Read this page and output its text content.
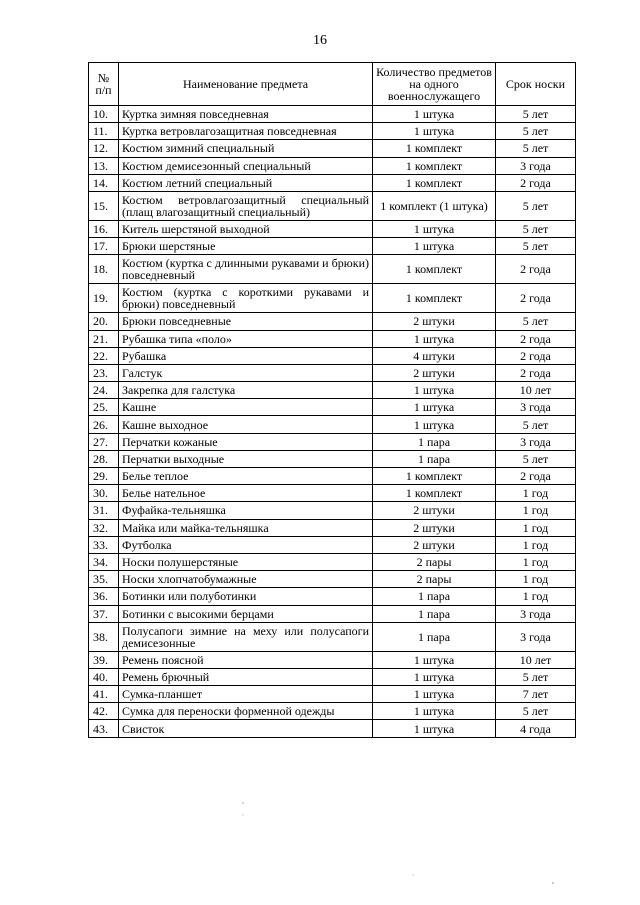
16
№ п/п	Наименование предмета	Количество предметов на одного военнослужащего	Срок носки
10.	Куртка зимняя повседневная	1 штука	5 лет
11.	Куртка ветровлагозащитная повседневная	1 штука	5 лет
12.	Костюм зимний специальный	1 комплект	5 лет
13.	Костюм демисезонный специальный	1 комплект	3 года
14.	Костюм летний специальный	1 комплект	2 года
15.	Костюм ветровлагозащитный специальный (плащ влагозащитный специальный)	1 комплект (1 штука)	5 лет
16.	Китель шерстяной выходной	1 штука	5 лет
17.	Брюки шерстяные	1 штука	5 лет
18.	Костюм (куртка с длинными рукавами и брюки) повседневный	1 комплект	2 года
19.	Костюм (куртка с короткими рукавами и брюки) повседневный	1 комплект	2 года
20.	Брюки повседневные	2 штуки	5 лет
21.	Рубашка типа «поло»	1 штука	2 года
22.	Рубашка	4 штуки	2 года
23.	Галстук	2 штуки	2 года
24.	Закрепка для галстука	1 штука	10 лет
25.	Кашне	1 штука	3 года
26.	Кашне выходное	1 штука	5 лет
27.	Перчатки кожаные	1 пара	3 года
28.	Перчатки выходные	1 пара	5 лет
29.	Белье теплое	1 комплект	2 года
30.	Белье нательное	1 комплект	1 год
31.	Фуфайка-тельняшка	2 штуки	1 год
32.	Майка или майка-тельняшка	2 штуки	1 год
33.	Футболка	2 штуки	1 год
34.	Носки полушерстяные	2 пары	1 год
35.	Носки хлопчатобумажные	2 пары	1 год
36.	Ботинки или полуботинки	1 пара	1 год
37.	Ботинки с высокими берцами	1 пара	3 года
38.	Полусапоги зимние на меху или полусапоги демисезонные	1 пара	3 года
39.	Ремень поясной	1 штука	10 лет
40.	Ремень брючный	1 штука	5 лет
41.	Сумка-планшет	1 штука	7 лет
42.	Сумка для переноски форменной одежды	1 штука	5 лет
43.	Свисток	1 штука	4 года
